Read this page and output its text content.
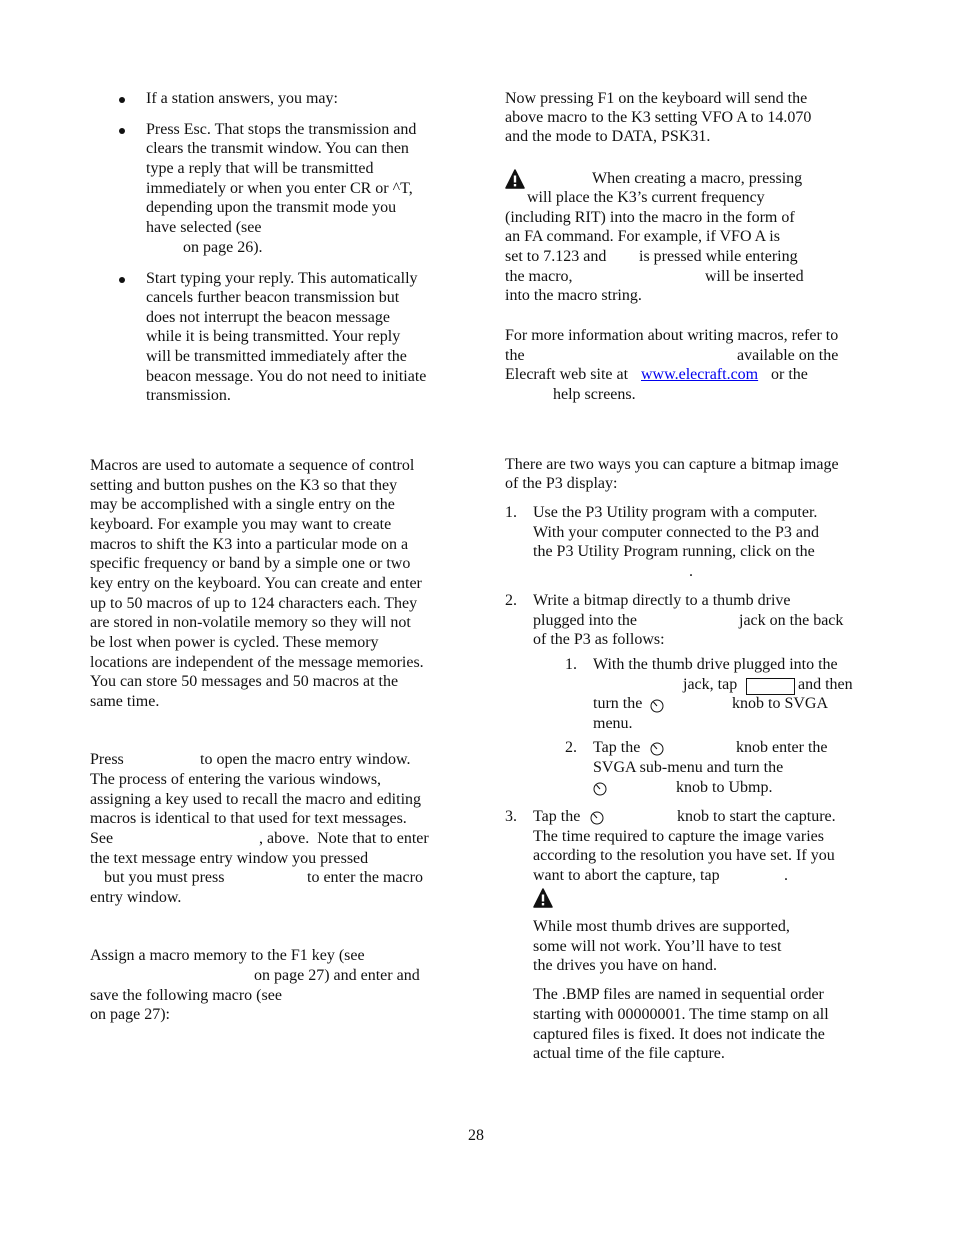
If a station answers, you may:
Press Esc. That stops the transmission and
clears the transmit window. You can then
type a reply that will be transmitted
immediately or when you enter CR or ^T,
depending upon the transmit mode you
have selected (see
on page 26).
Start typing your reply. This automatically
cancels further beacon transmission but
does not interrupt the beacon message
while it is being transmitted. Your reply
will be transmitted immediately after the
beacon message. You do not need to initiate
transmission.
Macros are used to automate a sequence of control
setting and button pushes on the K3 so that they
may be accomplished with a single entry on the
keyboard. For example you may want to create
macros to shift the K3 into a particular mode on a
specific frequency or band by a simple one or two
key entry on the keyboard. You can create and enter
up to 50 macros of up to 124 characters each. They
are stored in non-volatile memory so they will not
be lost when power is cycled. These memory
locations are independent of the message memories.
You can store 50 messages and 50 macros at the
same time.
Press	to open the macro entry window.
The process of entering the various windows,
assigning a key used to recall the macro and editing
macros is identical to that used for text messages.
See	, above.  Note that to enter
the text message entry window you pressed
but you must press	to enter the macro
entry window.
Assign a macro memory to the F1 key (see
on page 27) and enter and
save the following macro (see
on page 27):
Now pressing F1 on the keyboard will send the
above macro to the K3 setting VFO A to 14.070
and the mode to DATA, PSK31.
When creating a macro, pressing
will place the K3’s current frequency
(including RIT) into the macro in the form of
an FA command. For example, if VFO A is
set to 7.123 and is pressed while entering
the macro,	will be inserted
into the macro string.
For more information about writing macros, refer to
the	available on the
Elecraft web site at www.elecraft.com or the
help screens.
There are two ways you can capture a bitmap image
of the P3 display:
1. Use the P3 Utility program with a computer.
With your computer connected to the P3 and
the P3 Utility Program running, click on the
.
2. Write a bitmap directly to a thumb drive
plugged into the	jack on the back
of the P3 as follows:
1. With the thumb drive plugged into the
jack, tap	and then
turn the	knob to SVGA
menu.
2. Tap the	knob enter the
SVGA sub-menu and turn the
knob to Ubmp.
3. Tap the	knob to start the capture.
The time required to capture the image varies
according to the resolution you have set. If you
want to abort the capture, tap	.
While most thumb drives are supported,
some will not work. You’ll have to test
the drives you have on hand.
The .BMP files are named in sequential order
starting with 00000001. The time stamp on all
captured files is fixed. It does not indicate the
actual time of the file capture.
28
